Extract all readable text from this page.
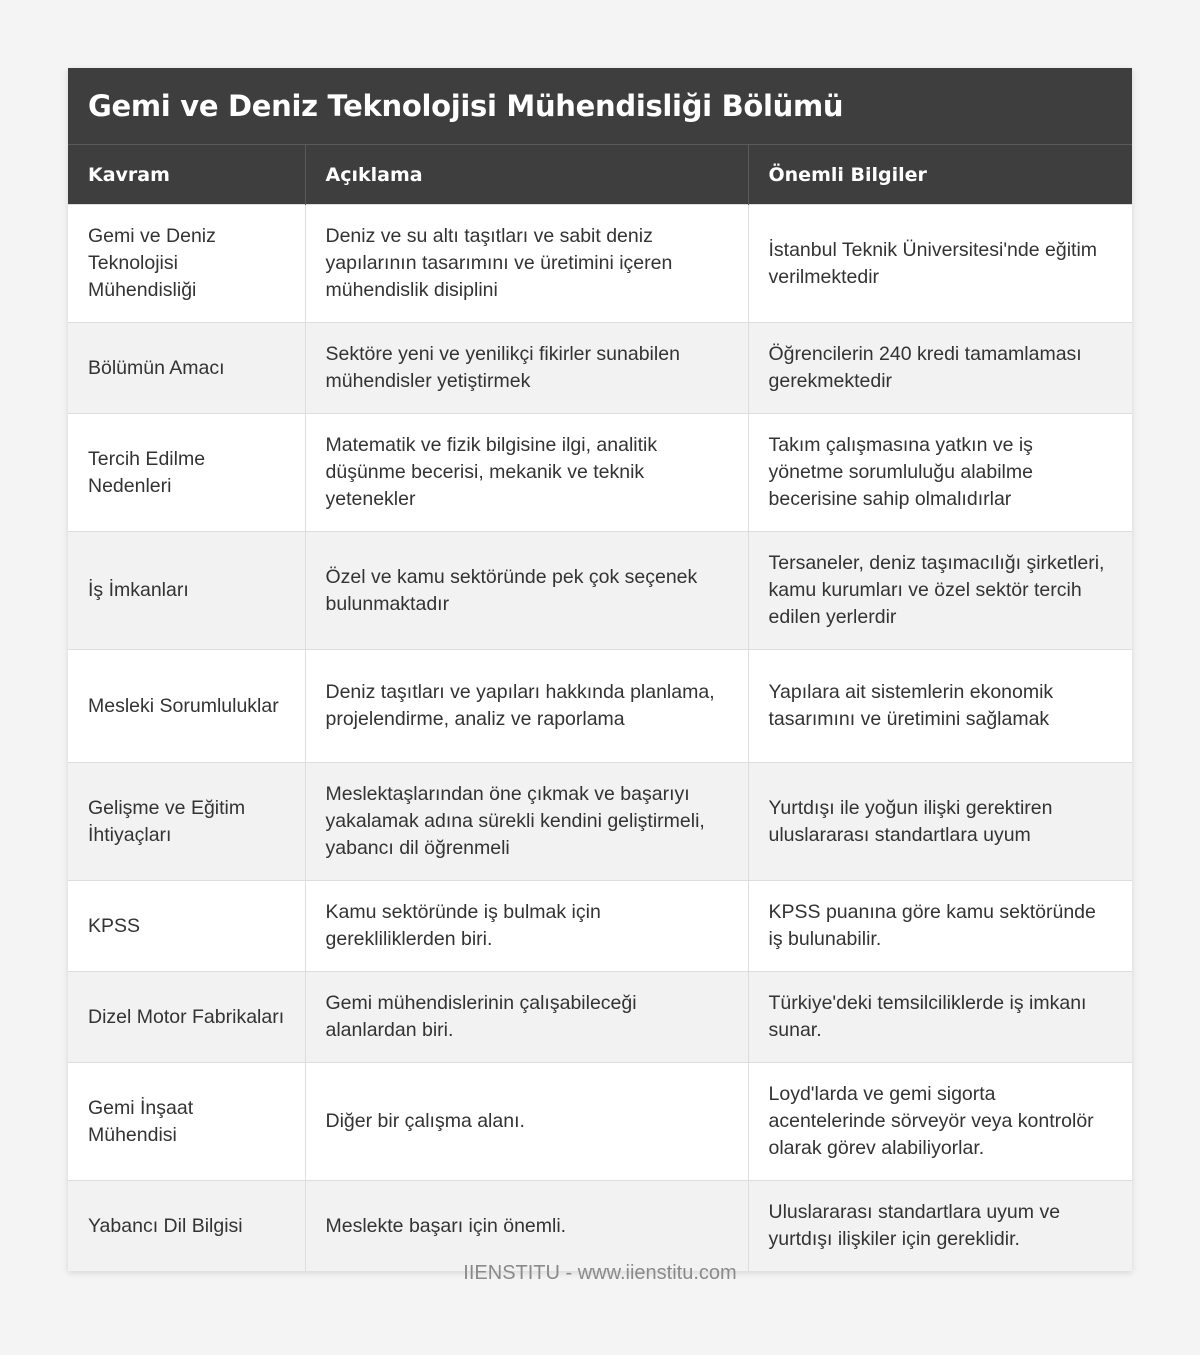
Gemi ve Deniz Teknolojisi Mühendisliği Bölümü
Kavram	Açıklama	Önemli Bilgiler
Gemi ve Deniz Teknolojisi Mühendisliği	Deniz ve su altı taşıtları ve sabit deniz yapılarının tasarımını ve üretimini içeren mühendislik disiplini	İstanbul Teknik Üniversitesi'nde eğitim verilmektedir
Bölümün Amacı	Sektöre yeni ve yenilikçi fikirler sunabilen mühendisler yetiştirmek	Öğrencilerin 240 kredi tamamlaması gerekmektedir
Tercih Edilme Nedenleri	Matematik ve fizik bilgisine ilgi, analitik düşünme becerisi, mekanik ve teknik yetenekler	Takım çalışmasına yatkın ve iş yönetme sorumluluğu alabilme becerisine sahip olmalıdırlar
İş İmkanları	Özel ve kamu sektöründe pek çok seçenek bulunmaktadır	Tersaneler, deniz taşımacılığı şirketleri, kamu kurumları ve özel sektör tercih edilen yerlerdir
Mesleki Sorumluluklar	Deniz taşıtları ve yapıları hakkında planlama, projelendirme, analiz ve raporlama	Yapılara ait sistemlerin ekonomik tasarımını ve üretimini sağlamak
Gelişme ve Eğitim İhtiyaçları	Meslektaşlarından öne çıkmak ve başarıyı yakalamak adına sürekli kendini geliştirmeli, yabancı dil öğrenmeli	Yurtdışı ile yoğun ilişki gerektiren uluslararası standartlara uyum
KPSS	Kamu sektöründe iş bulmak için gerekliliklerden biri.	KPSS puanına göre kamu sektöründe iş bulunabilir.
Dizel Motor Fabrikaları	Gemi mühendislerinin çalışabileceği alanlardan biri.	Türkiye'deki temsilciliklerde iş imkanı sunar.
Gemi İnşaat Mühendisi	Diğer bir çalışma alanı.	Loyd'larda ve gemi sigorta acentelerinde sörveyör veya kontrolör olarak görev alabiliyorlar.
Yabancı Dil Bilgisi	Meslekte başarı için önemli.	Uluslararası standartlara uyum ve yurtdışı ilişkiler için gereklidir.
IIENSTITU - www.iienstitu.com
